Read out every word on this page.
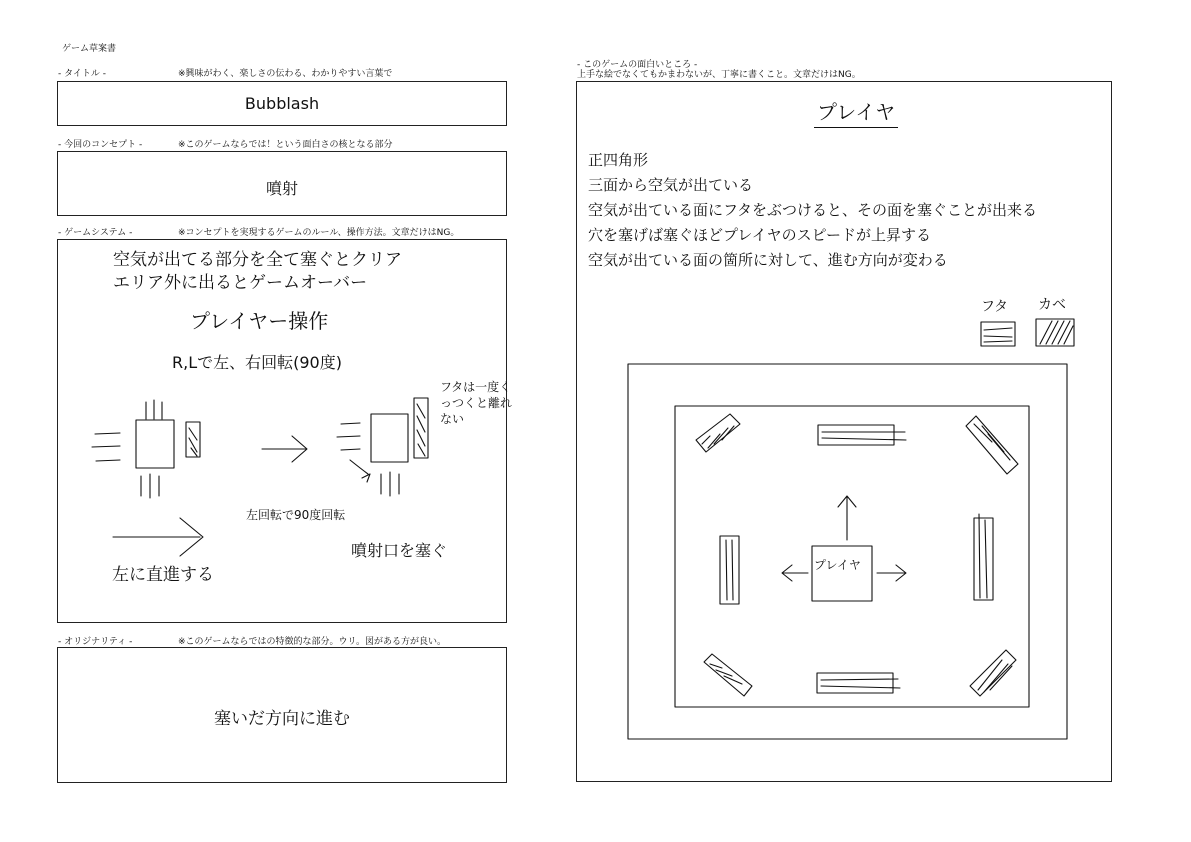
ゲーム草案書
- タイトル -	※興味がわく、楽しさの伝わる、わかりやすい言葉で
Bubblash
- 今回のコンセプト -	※このゲームならでは！という面白さの核となる部分
噴射
- ゲームシステム -	※コンセプトを実現するゲームのルール、操作方法。文章だけはNG。
空気が出てる部分を全て塞ぐとクリア
エリア外に出るとゲームオーバー
プレイヤー操作
R,Lで左、右回転(90度)
フタは一度く
っつくと離れ
ない
左回転で90度回転
左に直進する
噴射口を塞ぐ
- オリジナリティ -	※このゲームならではの特徴的な部分。ウリ。図がある方が良い。
塞いだ方向に進む
- このゲームの面白いところ -
上手な絵でなくてもかまわないが、丁寧に書くこと。文章だけはNG。
プレイヤ
正四角形
三面から空気が出ている
空気が出ている面にフタをぶつけると、その面を塞ぐことが出来る
穴を塞げば塞ぐほどプレイヤのスピードが上昇する
空気が出ている面の箇所に対して、進む方向が変わる
フタ カベ
プレイヤ
